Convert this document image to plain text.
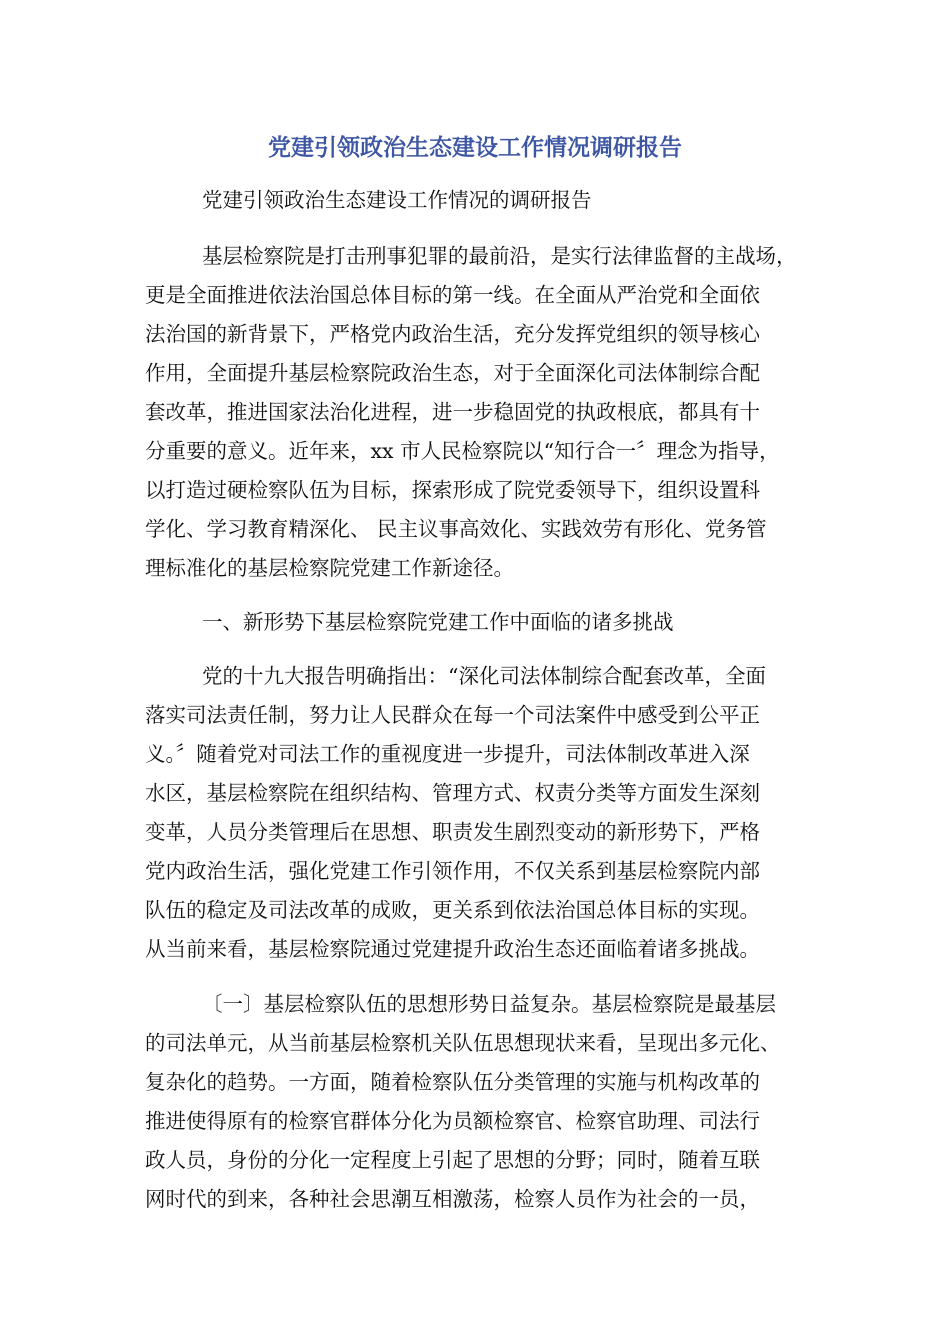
党建引领政治生态建设工作情况调研报告
党建引领政治生态建设工作情况的调研报告
基层检察院是打击刑事犯罪的最前沿，是实行法律监督的主战场，
更是全面推进依法治国总体目标的第一线。在全面从严治党和全面依
法治国的新背景下，严格党内政治生活，充分发挥党组织的领导核心
作用，全面提升基层检察院政治生态，对于全面深化司法体制综合配
套改革，推进国家法治化进程，进一步稳固党的执政根底，都具有十
分重要的意义。近年来，xx 市人民检察院以“知行合一〞理念为指导，
以打造过硬检察队伍为目标，探索形成了院党委领导下，组织设置科
学化、学习教育精深化、 民主议事高效化、实践效劳有形化、党务管
理标准化的基层检察院党建工作新途径。
一、新形势下基层检察院党建工作中面临的诸多挑战
党的十九大报告明确指出：“深化司法体制综合配套改革，全面
落实司法责任制，努力让人民群众在每一个司法案件中感受到公平正
义。〞随着党对司法工作的重视度进一步提升，司法体制改革进入深
水区，基层检察院在组织结构、管理方式、权责分类等方面发生深刻
变革，人员分类管理后在思想、职责发生剧烈变动的新形势下，严格
党内政治生活，强化党建工作引领作用，不仅关系到基层检察院内部
队伍的稳定及司法改革的成败，更关系到依法治国总体目标的实现。
从当前来看，基层检察院通过党建提升政治生态还面临着诸多挑战。
〔一〕基层检察队伍的思想形势日益复杂。基层检察院是最基层
的司法单元，从当前基层检察机关队伍思想现状来看，呈现出多元化、
复杂化的趋势。一方面，随着检察队伍分类管理的实施与机构改革的
推进使得原有的检察官群体分化为员额检察官、检察官助理、司法行
政人员，身份的分化一定程度上引起了思想的分野；同时，随着互联
网时代的到来，各种社会思潮互相激荡，检察人员作为社会的一员，
